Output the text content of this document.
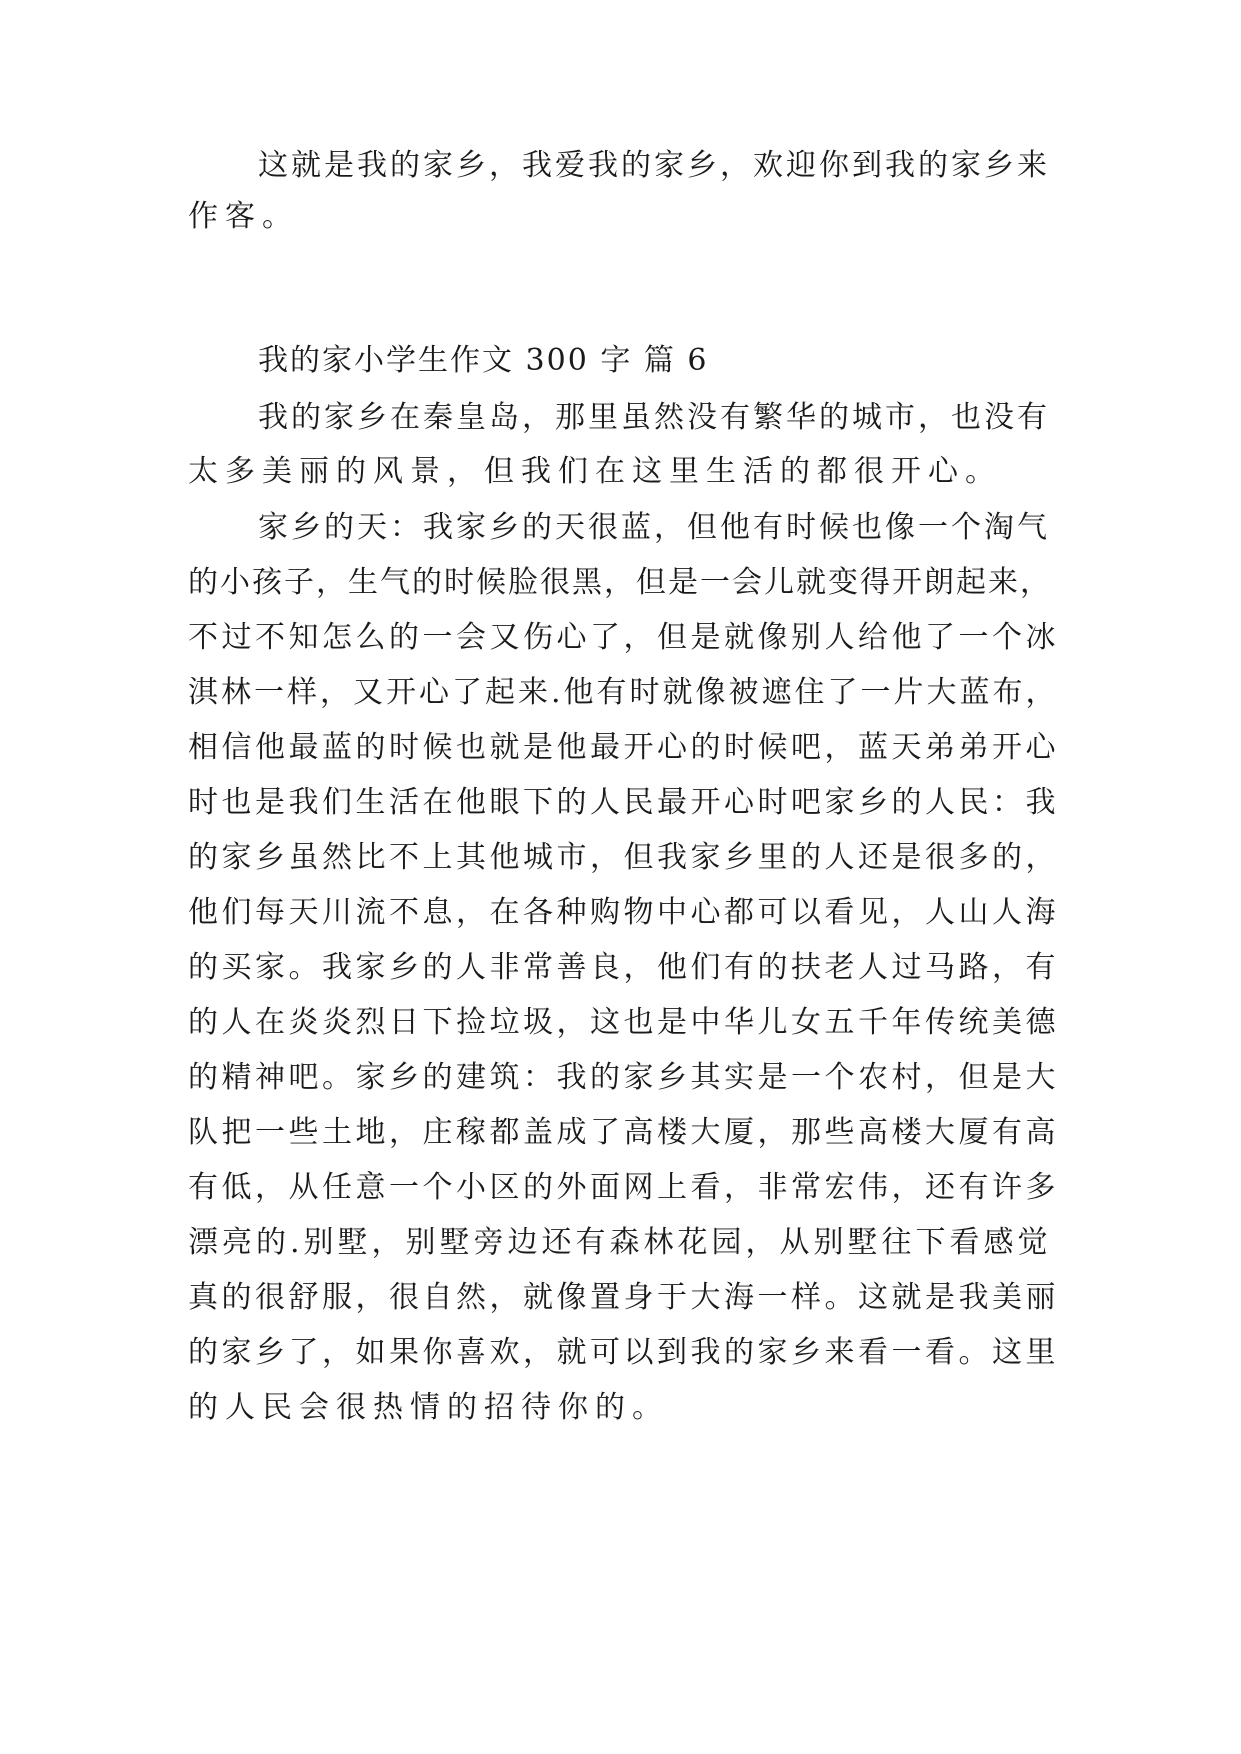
这就是我的家乡，我爱我的家乡，欢迎你到我的家乡来

作客。

我的家小学生作文 300 字 篇 6

我的家乡在秦皇岛，那里虽然没有繁华的城市，也没有

太多美丽的风景，但我们在这里生活的都很开心。

家乡的天：我家乡的天很蓝，但他有时候也像一个淘气

的小孩子，生气的时候脸很黑，但是一会儿就变得开朗起来，

不过不知怎么的一会又伤心了，但是就像别人给他了一个冰

淇林一样，又开心了起来.他有时就像被遮住了一片大蓝布，

相信他最蓝的时候也就是他最开心的时候吧，蓝天弟弟开心

时也是我们生活在他眼下的人民最开心时吧家乡的人民：我

的家乡虽然比不上其他城市，但我家乡里的人还是很多的，

他们每天川流不息，在各种购物中心都可以看见，人山人海

的买家。我家乡的人非常善良，他们有的扶老人过马路，有

的人在炎炎烈日下捡垃圾，这也是中华儿女五千年传统美德

的精神吧。家乡的建筑：我的家乡其实是一个农村，但是大

队把一些土地，庄稼都盖成了高楼大厦，那些高楼大厦有高

有低，从任意一个小区的外面网上看，非常宏伟，还有许多

漂亮的.别墅，别墅旁边还有森林花园，从别墅往下看感觉

真的很舒服，很自然，就像置身于大海一样。这就是我美丽

的家乡了，如果你喜欢，就可以到我的家乡来看一看。这里

的人民会很热情的招待你的。
